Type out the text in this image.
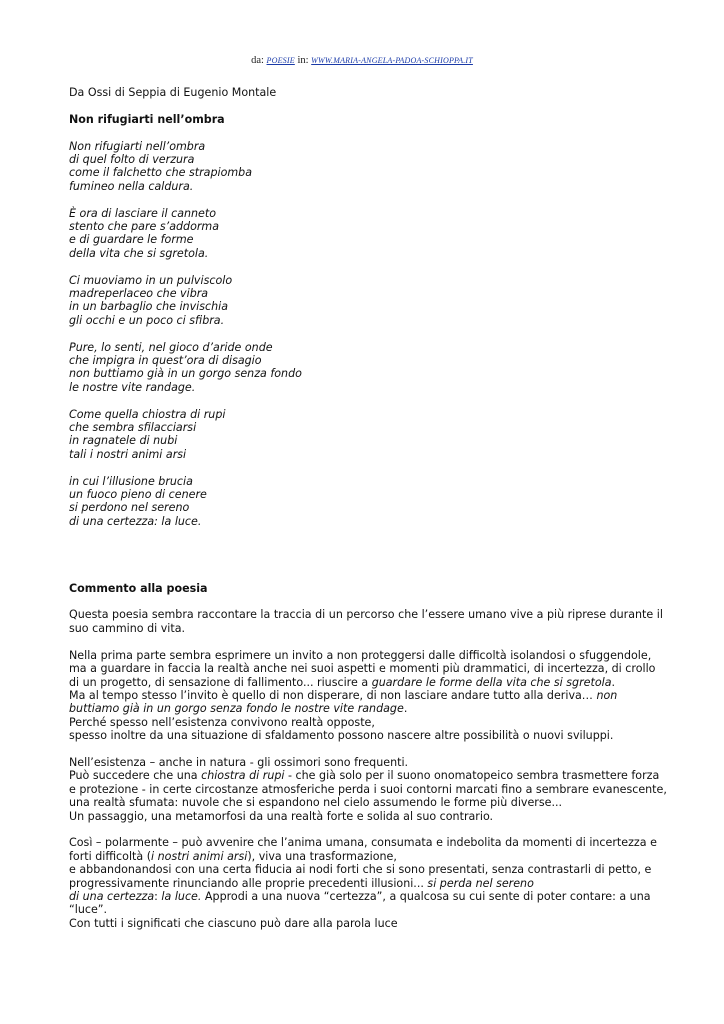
da: POESIE in: WWW.MARIA-ANGELA-PADOA-SCHIOPPA.IT

Da Ossi di Seppia di Eugenio Montale

Non rifugiarti nell’ombra

Non rifugiarti nell’ombra
di quel folto di verzura
come il falchetto che strapiomba
fumineo nella caldura.
È ora di lasciare il canneto
stento che pare s’addorma
e di guardare le forme
della vita che si sgretola.
Ci muoviamo in un pulviscolo
madreperlaceo che vibra
in un barbaglio che invischia
gli occhi e un poco ci sfibra.
Pure, lo senti, nel gioco d’aride onde
che impigra in quest’ora di disagio
non buttiamo già in un gorgo senza fondo
le nostre vite randage.
Come quella chiostra di rupi
che sembra sfilacciarsi
in ragnatele di nubi
tali i nostri animi arsi
in cui l’illusione brucia
un fuoco pieno di cenere
si perdono nel sereno
di una certezza: la luce.

Commento alla poesia

Questa poesia sembra raccontare la traccia di un percorso che l’essere umano vive a più riprese durante il suo cammino di vita.

Nella prima parte sembra esprimere un invito a non proteggersi dalle difficoltà isolandosi o sfuggendole, ma a guardare in faccia la realtà anche nei suoi aspetti e momenti più drammatici, di incertezza, di crollo di un progetto, di sensazione di fallimento... riuscire a guardare le forme della vita che si sgretola.
Ma al tempo stesso l’invito è quello di non disperare, di non lasciare andare tutto alla deriva… non buttiamo già in un gorgo senza fondo le nostre vite randage.
Perché spesso nell’esistenza convivono realtà opposte,
spesso inoltre da una situazione di sfaldamento possono nascere altre possibilità o nuovi sviluppi.

Nell’esistenza – anche in natura - gli ossimori sono frequenti.
Può succedere che una chiostra di rupi - che già solo per il suono onomatopeico sembra trasmettere forza e protezione - in certe circostanze atmosferiche perda i suoi contorni marcati fino a sembrare evanescente, una realtà sfumata: nuvole che si espandono nel cielo assumendo le forme più diverse...
Un passaggio, una metamorfosi da una realtà forte e solida al suo contrario.

Così – polarmente – può avvenire che l’anima umana, consumata e indebolita da momenti di incertezza e forti difficoltà (i nostri animi arsi), viva una trasformazione,
e abbandonandosi con una certa fiducia ai nodi forti che si sono presentati, senza contrastarli di petto, e progressivamente rinunciando alle proprie precedenti illusioni... si perda nel sereno
di una certezza: la luce. Approdi a una nuova “certezza”, a qualcosa su cui sente di poter contare: a una “luce”.
Con tutti i significati che ciascuno può dare alla parola luce
